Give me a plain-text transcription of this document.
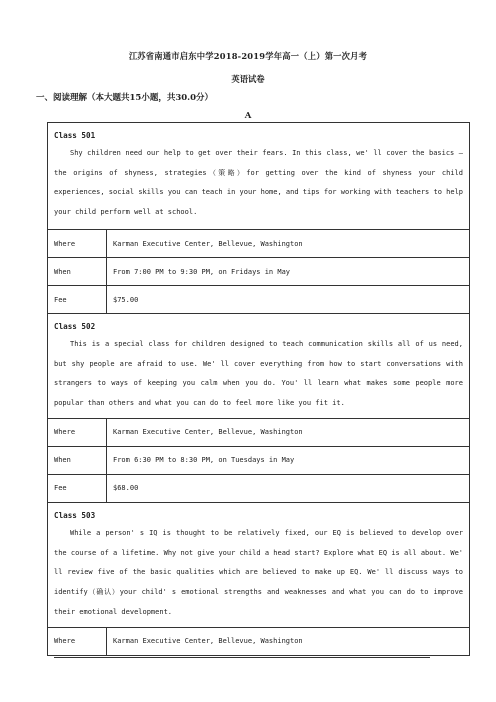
江苏省南通市启东中学2018-2019学年高一（上）第一次月考
英语试卷
一、阅读理解（本大题共15小题，共30.0分）
A
Class 501
Shy children need our help to get over their fears. In this class, we' ll cover the basics — the origins of shyness, strategies（策略）for getting over the kind of shyness your child experiences, social skills you can teach in your home, and tips for working with teachers to help your child perform well at school.	

Where	Karman Executive Center, Bellevue, Washington
When	From 7:00 PM to 9:30 PM, on Fridays in May
Fee	$75.00

Class 502
This is a special class for children designed to teach communication skills all of us need, but shy people are afraid to use. We' ll cover everything from how to start conversations with strangers to ways of keeping you calm when you do. You' ll learn what makes some people more popular than others and what you can do to feel more like you fit it.	

Where	Karman Executive Center, Bellevue, Washington
When	From 6:30 PM to 8:30 PM, on Tuesdays in May
Fee	$68.00

Class 503
While a person' s IQ is thought to be relatively fixed, our EQ is believed to develop over the course of a lifetime. Why not give your child a head start? Explore what EQ is all about. We' ll review five of the basic qualities which are believed to make up EQ. We' ll discuss ways to identify（确认）your child' s emotional strengths and weaknesses and what you can do to improve their emotional development.	

Where	Karman Executive Center, Bellevue, Washington
